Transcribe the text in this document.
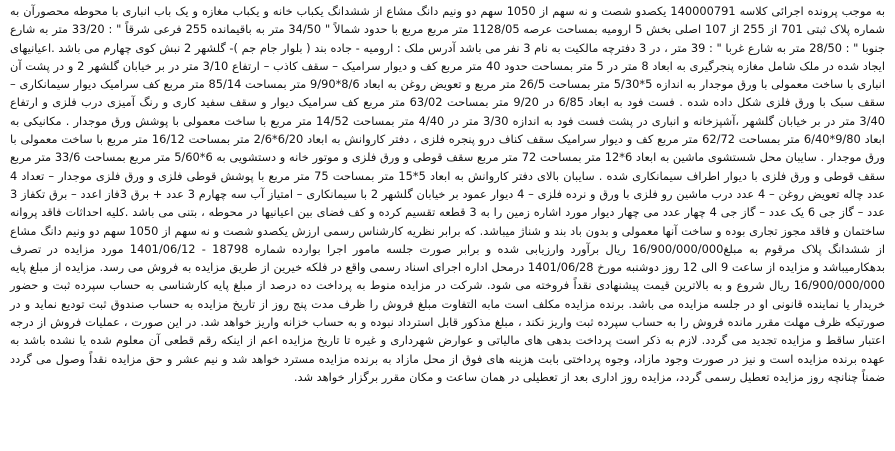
به موجب پرونده اجرائی کلاسه 140000791 یکصدو شصت و نه سهم از 1050 سهم دو ونیم دانگ مشاع از ششدانگ یکباب خانه و یکباب مغازه و یک باب انباری با محوطه محصورآن به شماره پلاک ثبتی 701 از 255 از 107 اصلی بخش 5 ارومیه بمساحت عرصه 1128/05 متر مربع مربع با حدود شمالاً " 34/50 متر به باقیمانده 255 فرعی شرقاً " : 33/20 متر به شارع جنوبا " : 28/50 متر به شارع غربا " : 39 متر ، در 3 دفترچه مالکیت به نام 3 نفر می باشد آدرس ملک : ارومیه - جاده بند ( بلوار جام جم )- گلشهر 2 نبش کوی چهارم می باشد .اعیانیهای ایجاد شده در ملک شامل مغازه پنجرگیری به ابعاد 8 متر در 5 متر بمساحت حدود 40 متر مربع کف و دیوار سرامیک – سقف کاذب – ارتفاع 3/10 متر در بر خیابان گلشهر 2 و در پشت آن انباری با ساخت معمولی با ورق موجدار به اندازه 5*5/30 متر بمساحت 26/5 متر مربع و تعویض روغن به ابعاد 8/6*9/90 متر بمساحت 85/14 متر مربع کف سرامیک دیوار سیمانکاری – سقف سبک با ورق فلزی شکل داده شده . فست فود به ابعاد 6/85 در 9/20 متر بمساحت 63/02 متر مربع کف سرامیک دیوار و سقف سفید کاری و رنگ آمیزی درب فلزی و ارتفاع 3/40 متر در بر خیابان گلشهر ،آشپزخانه و انباری در پشت فست فود به اندازه 3/30 متر در 4/40 متر بمساحت 14/52 متر مربع با ساخت معمولی با پوشش ورق موجدار . مکانیکی به ابعاد 9/80*6/40 متر بمساحت 62/72 متر مربع کف و دیوار سرامیک سقف کناف درو پنجره فلزی ، دفتر کاروانش به ابعاد 6/20*2/6 متر بمساحت 16/12 متر مربع با ساخت معمولی با ورق موجدار . سایبان محل شستشوی ماشین به ابعاد 6*12 متر بمساحت 72 متر مربع سقف قوطی و ورق فلزی و موتور خانه و دستشویی به 6*5/60 متر مربع بمساحت 33/6 متر مربع سقف قوطی و ورق فلزی با دیوار اطراف سیمانکاری شده . سایبان بالای دفتر کاروانش به ابعاد 5*15 متر بمساحت 75 متر مربع با پوشش قوطی فلزی و ورق فلزی موجدار – تعداد 4 عدد چاله تعویض روغن – 4 عدد درب ماشین رو فلزی با ورق و نرده فلزی – 4 دیوار عمود بر خیابان گلشهر 2 با سیمانکاری – امتیاز آب سه چهارم 3 عدد + برق 3فاز اعدد – برق تکفاز 3 عدد – گاز جی 6 یک عدد – گاز جی 4 چهار عدد می چهار دیوار مورد اشاره زمین را به 3 قطعه تقسیم کرده و کف فضای بین اعیانیها در محوطه ، بتنی می باشد .کلیه احداثات فاقد پروانه ساختمان و فاقد مجوز تجاری بوده و ساخت آنها معمولی و بدون باد بند و شناژ میباشد. که برابر نظریه کارشناس رسمی ارزش یکصدو شصت و نه سهم از 1050 سهم دو ونیم دانگ مشاع از ششدانگ پلاک مرقوم به مبلغ16/900/000/000 ریال برآورد وارزیابی شده و برابر صورت جلسه مامور اجرا بوارده شماره 18798 - 1401/06/12 مورد مزایده در تصرف بدهکارمیباشد و مزایده از ساعت 9 الی 12 روز دوشنبه مورخ 1401/06/28 درمحل اداره اجرای اسناد رسمی واقع در فلکه خیرین از طریق مزایده به فروش می رسد. مزایده از مبلغ پایه 16/900/000/000 ریال شروع و به بالاترین قیمت پیشنهادی نقداً فروخته می شود. شرکت در مزایده منوط به پرداخت ده درصد از مبلغ پایه کارشناسی به حساب سپرده ثبت و حضور خریدار یا نماینده قانونی او در جلسه مزایده می باشد. برنده مزایده مکلف است مابه التفاوت مبلغ فروش را ظرف مدت پنج روز از تاریخ مزایده به حساب صندوق ثبت تودیع نماید و در صورتیکه ظرف مهلت مقرر مانده فروش را به حساب سپرده ثبت واریز نکند ، مبلغ مذکور قابل استرداد نبوده و به حساب خزانه واریز خواهد شد. در این صورت ، عملیات فروش از درجه اعتبار ساقط و مزایده تجدید می گردد. لازم به ذکر است پرداخت بدهی های مالیاتی و عوارض شهرداری و غیره تا تاریخ مزایده اعم از اینکه رقم قطعی آن معلوم شده یا نشده باشد به عهده برنده مزایده است و نیز در صورت وجود مازاد، وجوه پرداختی بابت هزینه های فوق از محل مازاد به برنده مزایده مسترد خواهد شد و نیم عشر و حق مزایده نقداً وصول می گردد ضمناً چنانچه روز مزایده تعطیل رسمی گردد، مزایده روز اداری بعد از تعطیلی در همان ساعت و مکان مقرر برگزار خواهد شد.
